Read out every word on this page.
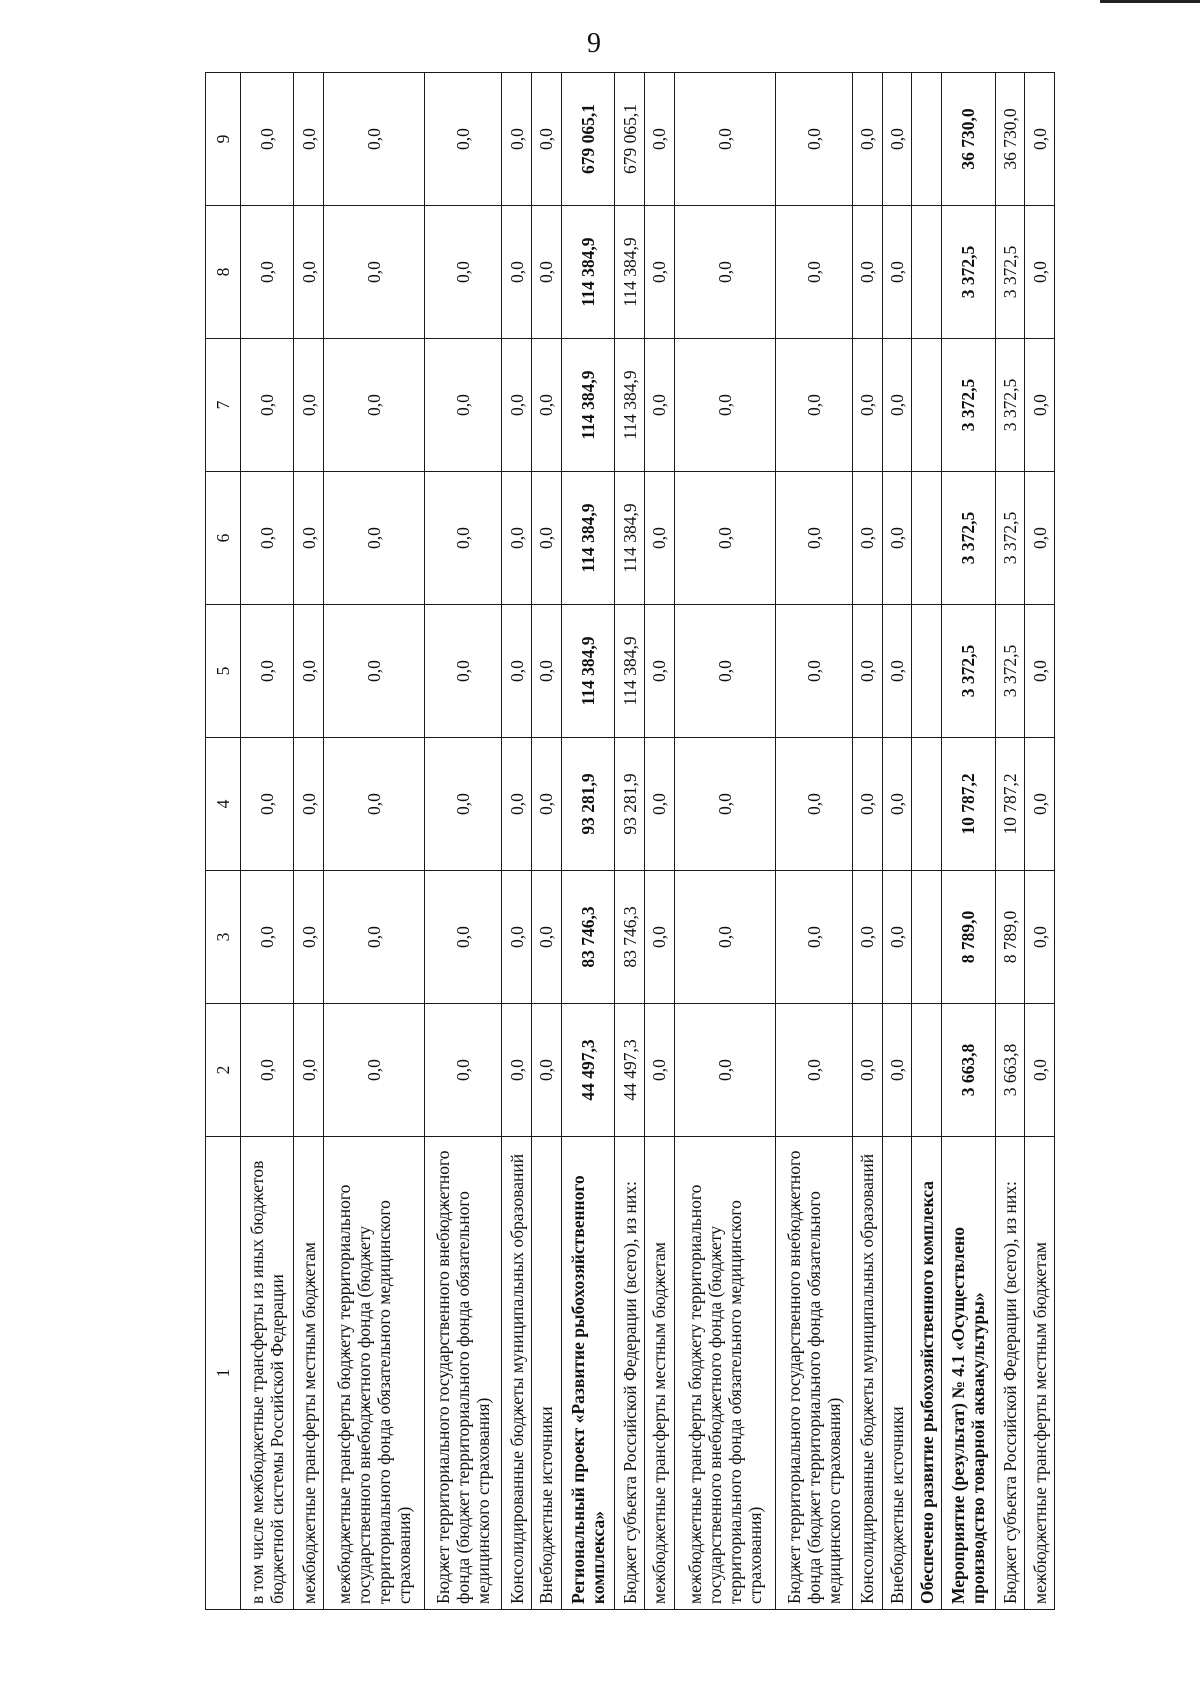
9
1	2	3	4	5	6	7	8	9
в том числе межбюджетные трансферты из иных бюджетов бюджетной системы Российской Федерации	0,0	0,0	0,0	0,0	0,0	0,0	0,0	0,0
межбюджетные трансферты местным бюджетам	0,0	0,0	0,0	0,0	0,0	0,0	0,0	0,0
межбюджетные трансферты бюджету территориального государственного внебюджетного фонда (бюджету территориального фонда обязательного медицинского страхования)	0,0	0,0	0,0	0,0	0,0	0,0	0,0	0,0
Бюджет территориального государственного внебюджетного фонда (бюджет территориального фонда обязательного медицинского страхования)	0,0	0,0	0,0	0,0	0,0	0,0	0,0	0,0
Консолидированные бюджеты муниципальных образований	0,0	0,0	0,0	0,0	0,0	0,0	0,0	0,0
Внебюджетные источники	0,0	0,0	0,0	0,0	0,0	0,0	0,0	0,0
Региональный проект «Развитие рыбохозяйственного комплекса»	44 497,3	83 746,3	93 281,9	114 384,9	114 384,9	114 384,9	114 384,9	679 065,1
Бюджет субъекта Российской Федерации (всего), из них:	44 497,3	83 746,3	93 281,9	114 384,9	114 384,9	114 384,9	114 384,9	679 065,1
межбюджетные трансферты местным бюджетам	0,0	0,0	0,0	0,0	0,0	0,0	0,0	0,0
межбюджетные трансферты бюджету территориального государственного внебюджетного фонда (бюджету территориального фонда обязательного медицинского страхования)	0,0	0,0	0,0	0,0	0,0	0,0	0,0	0,0
Бюджет территориального государственного внебюджетного фонда (бюджет территориального фонда обязательного медицинского страхования)	0,0	0,0	0,0	0,0	0,0	0,0	0,0	0,0
Консолидированные бюджеты муниципальных образований	0,0	0,0	0,0	0,0	0,0	0,0	0,0	0,0
Внебюджетные источники	0,0	0,0	0,0	0,0	0,0	0,0	0,0	0,0
Обеспечено развитие рыбохозяйственного комплекса								
Мероприятие (результат) № 4.1 «Осуществлено производство товарной аквакультуры»	3 663,8	8 789,0	10 787,2	3 372,5	3 372,5	3 372,5	3 372,5	36 730,0
Бюджет субъекта Российской Федерации (всего), из них:	3 663,8	8 789,0	10 787,2	3 372,5	3 372,5	3 372,5	3 372,5	36 730,0
межбюджетные трансферты местным бюджетам	0,0	0,0	0,0	0,0	0,0	0,0	0,0	0,0
